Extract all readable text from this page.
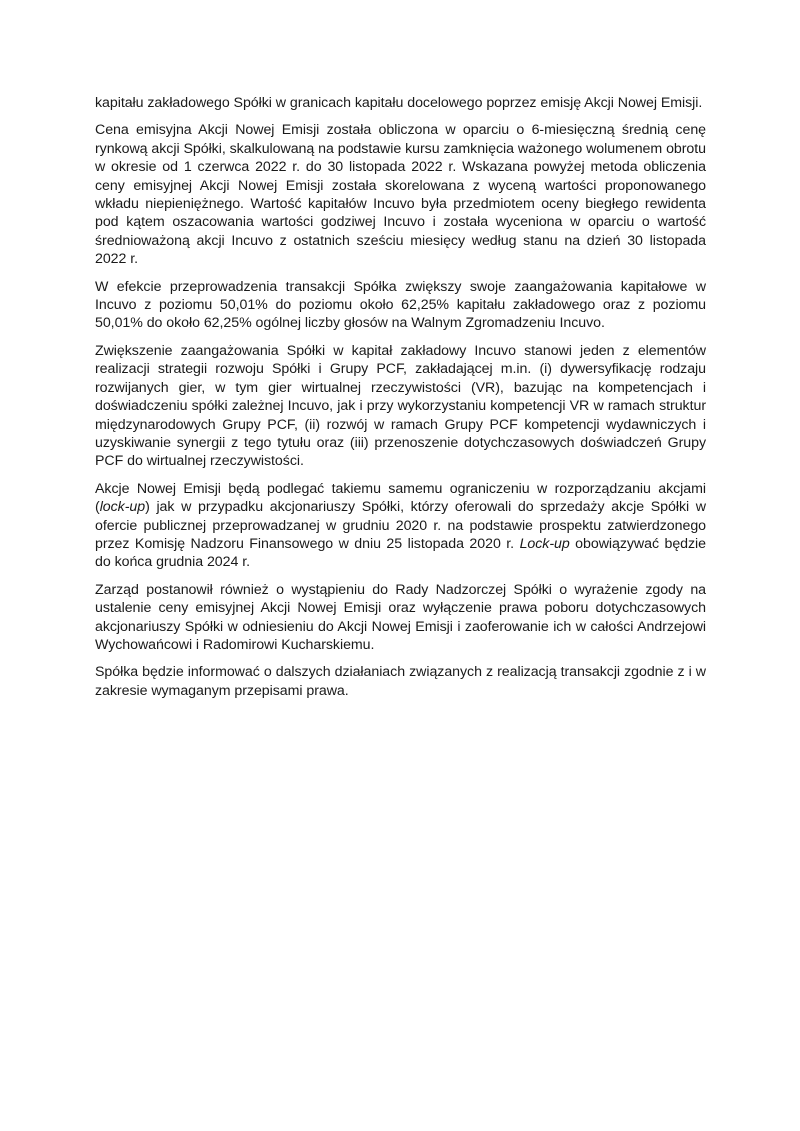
kapitału zakładowego Spółki w granicach kapitału docelowego poprzez emisję Akcji Nowej Emisji.

Cena emisyjna Akcji Nowej Emisji została obliczona w oparciu o 6-miesięczną średnią cenę rynkową akcji Spółki, skalkulowaną na podstawie kursu zamknięcia ważonego wolumenem obrotu w okresie od 1 czerwca 2022 r. do 30 listopada 2022 r. Wskazana powyżej metoda obliczenia ceny emisyjnej Akcji Nowej Emisji została skorelowana z wyceną wartości proponowanego wkładu niepieniężnego. Wartość kapitałów Incuvo była przedmiotem oceny biegłego rewidenta pod kątem oszacowania wartości godziwej Incuvo i została wyceniona w oparciu o wartość średnioważoną akcji Incuvo z ostatnich sześciu miesięcy według stanu na dzień 30 listopada 2022 r.

W efekcie przeprowadzenia transakcji Spółka zwiększy swoje zaangażowania kapitałowe w Incuvo z poziomu 50,01% do poziomu około 62,25% kapitału zakładowego oraz z poziomu 50,01% do około 62,25% ogólnej liczby głosów na Walnym Zgromadzeniu Incuvo.

Zwiększenie zaangażowania Spółki w kapitał zakładowy Incuvo stanowi jeden z elementów realizacji strategii rozwoju Spółki i Grupy PCF, zakładającej m.in. (i) dywersyfikację rodzaju rozwijanych gier, w tym gier wirtualnej rzeczywistości (VR), bazując na kompetencjach i doświadczeniu spółki zależnej Incuvo, jak i przy wykorzystaniu kompetencji VR w ramach struktur międzynarodowych Grupy PCF, (ii) rozwój w ramach Grupy PCF kompetencji wydawniczych i uzyskiwanie synergii z tego tytułu oraz (iii) przenoszenie dotychczasowych doświadczeń Grupy PCF do wirtualnej rzeczywistości.

Akcje Nowej Emisji będą podlegać takiemu samemu ograniczeniu w rozporządzaniu akcjami (lock-up) jak w przypadku akcjonariuszy Spółki, którzy oferowali do sprzedaży akcje Spółki w ofercie publicznej przeprowadzanej w grudniu 2020 r. na podstawie prospektu zatwierdzonego przez Komisję Nadzoru Finansowego w dniu 25 listopada 2020 r. Lock-up obowiązywać będzie do końca grudnia 2024 r.

Zarząd postanowił również o wystąpieniu do Rady Nadzorczej Spółki o wyrażenie zgody na ustalenie ceny emisyjnej Akcji Nowej Emisji oraz wyłączenie prawa poboru dotychczasowych akcjonariuszy Spółki w odniesieniu do Akcji Nowej Emisji i zaoferowanie ich w całości Andrzejowi Wychowańcowi i Radomirowi Kucharskiemu.

Spółka będzie informować o dalszych działaniach związanych z realizacją transakcji zgodnie z i w zakresie wymaganym przepisami prawa.
